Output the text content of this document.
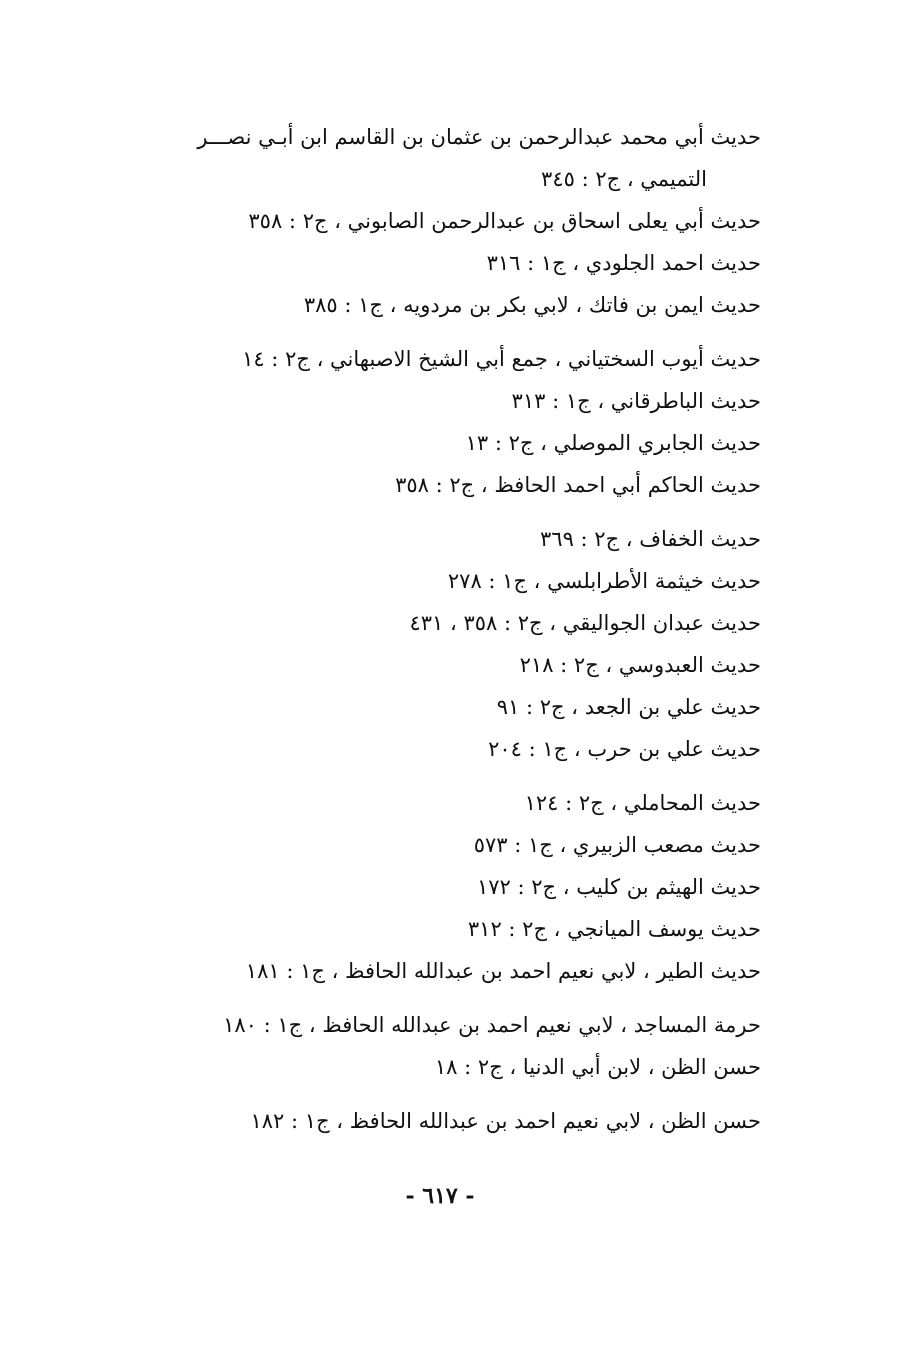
حديث أبي محمد عبدالرحمن بن عثمان بن القاسم ابن أبـي نصـــر
التميمي ، ج٢ : ٣٤٥
حديث أبي يعلى اسحاق بن عبدالرحمن الصابوني ، ج٢ : ٣٥٨
حديث احمد الجلودي ، ج١ : ٣١٦
حديث ايمن بن فاتك ، لابي بكر بن مردويه ، ج١ : ٣٨٥
حديث أيوب السختياني ، جمع أبي الشيخ الاصبهاني ، ج٢ : ١٤
حديث الباطرقاني ، ج١ : ٣١٣
حديث الجابري الموصلي ، ج٢ : ١٣
حديث الحاكم أبي احمد الحافظ ، ج٢ : ٣٥٨
حديث الخفاف ، ج٢ : ٣٦٩
حديث خيثمة الأطرابلسي ، ج١ : ٢٧٨
حديث عبدان الجواليقي ، ج٢ : ٣٥٨ ، ٤٣١
حديث العبدوسي ، ج٢ : ٢١٨
حديث علي بن الجعد ، ج٢ : ٩١
حديث علي بن حرب ، ج١ : ٢٠٤
حديث المحاملي ، ج٢ : ١٢٤
حديث مصعب الزبيري ، ج١ : ٥٧٣
حديث الهيثم بن كليب ، ج٢ : ١٧٢
حديث يوسف الميانجي ، ج٢ : ٣١٢
حديث الطير ، لابي نعيم احمد بن عبدالله الحافظ ، ج١ : ١٨١
حرمة المساجد ، لابي نعيم احمد بن عبدالله الحافظ ، ج١ : ١٨٠
حسن الظن ، لابن أبي الدنيا ، ج٢ : ١٨
حسن الظن ، لابي نعيم احمد بن عبدالله الحافظ ، ج١ : ١٨٢
- ٦١٧ -
